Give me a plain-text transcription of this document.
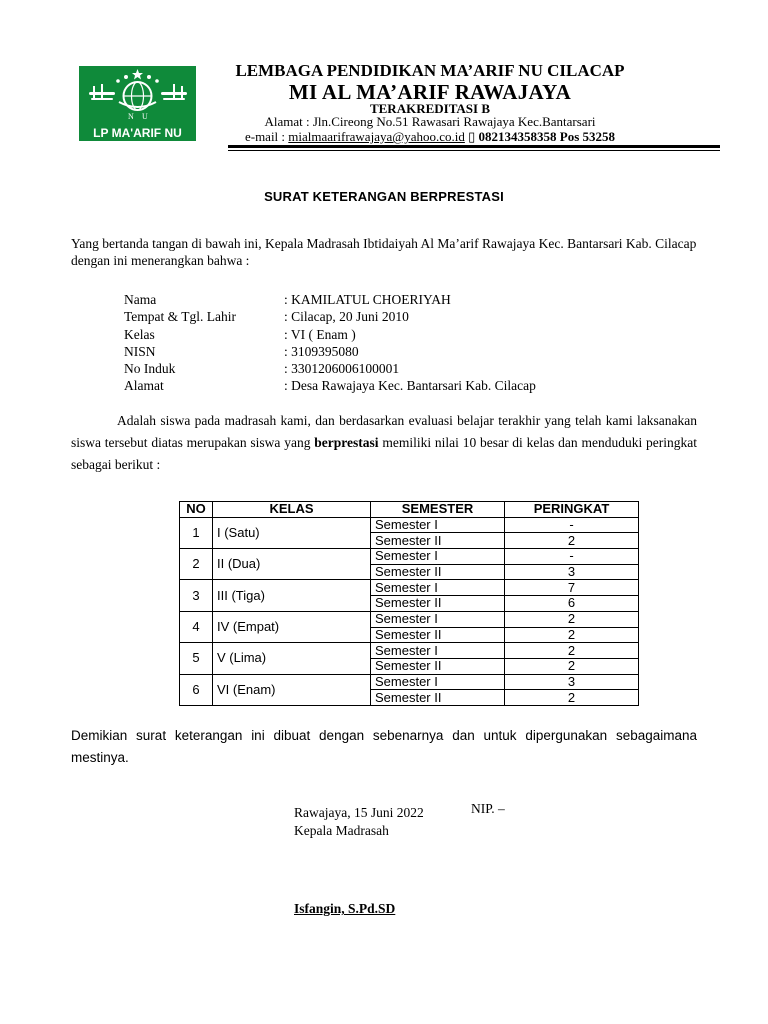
N U
LP MA'ARIF NU
LEMBAGA PENDIDIKAN MA’ARIF NU CILACAP
MI AL MA’ARIF RAWAJAYA
TERAKREDITASI B
Alamat : Jln.Cireong No.51 Rawasari Rawajaya Kec.Bantarsari
e-mail : mialmaarifrawajaya@yahoo.co.id ▯ 082134358358 Pos 53258
SURAT KETERANGAN BERPRESTASI
Yang bertanda tangan di bawah ini, Kepala Madrasah Ibtidaiyah Al Ma’arif Rawajaya Kec. Bantarsari Kab. Cilacap dengan ini menerangkan bahwa :
Nama	: KAMILATUL CHOERIYAH
Tempat & Tgl. Lahir	: Cilacap, 20 Juni 2010
Kelas	: VI ( Enam )
NISN	: 3109395080
No Induk	: 3301206006100001
Alamat	: Desa Rawajaya Kec. Bantarsari Kab. Cilacap
Adalah siswa pada madrasah kami, dan berdasarkan evaluasi belajar terakhir yang telah kami laksanakan siswa tersebut diatas merupakan siswa yang berprestasi memiliki nilai 10 besar di kelas dan menduduki peringkat sebagai berikut :
NO	KELAS	SEMESTER	PERINGKAT
1	I (Satu)	Semester I	-
		Semester II	2
2	II (Dua)	Semester I	-
		Semester II	3
3	III (Tiga)	Semester I	7
		Semester II	6
4	IV (Empat)	Semester I	2
		Semester II	2
5	V (Lima)	Semester I	2
		Semester II	2
6	VI (Enam)	Semester I	3
		Semester II	2
Demikian surat keterangan ini dibuat dengan sebenarnya dan untuk dipergunakan sebagaimana mestinya.
Rawajaya, 15 Juni 2022	NIP. –
Kepala Madrasah
Isfangin, S.Pd.SD
